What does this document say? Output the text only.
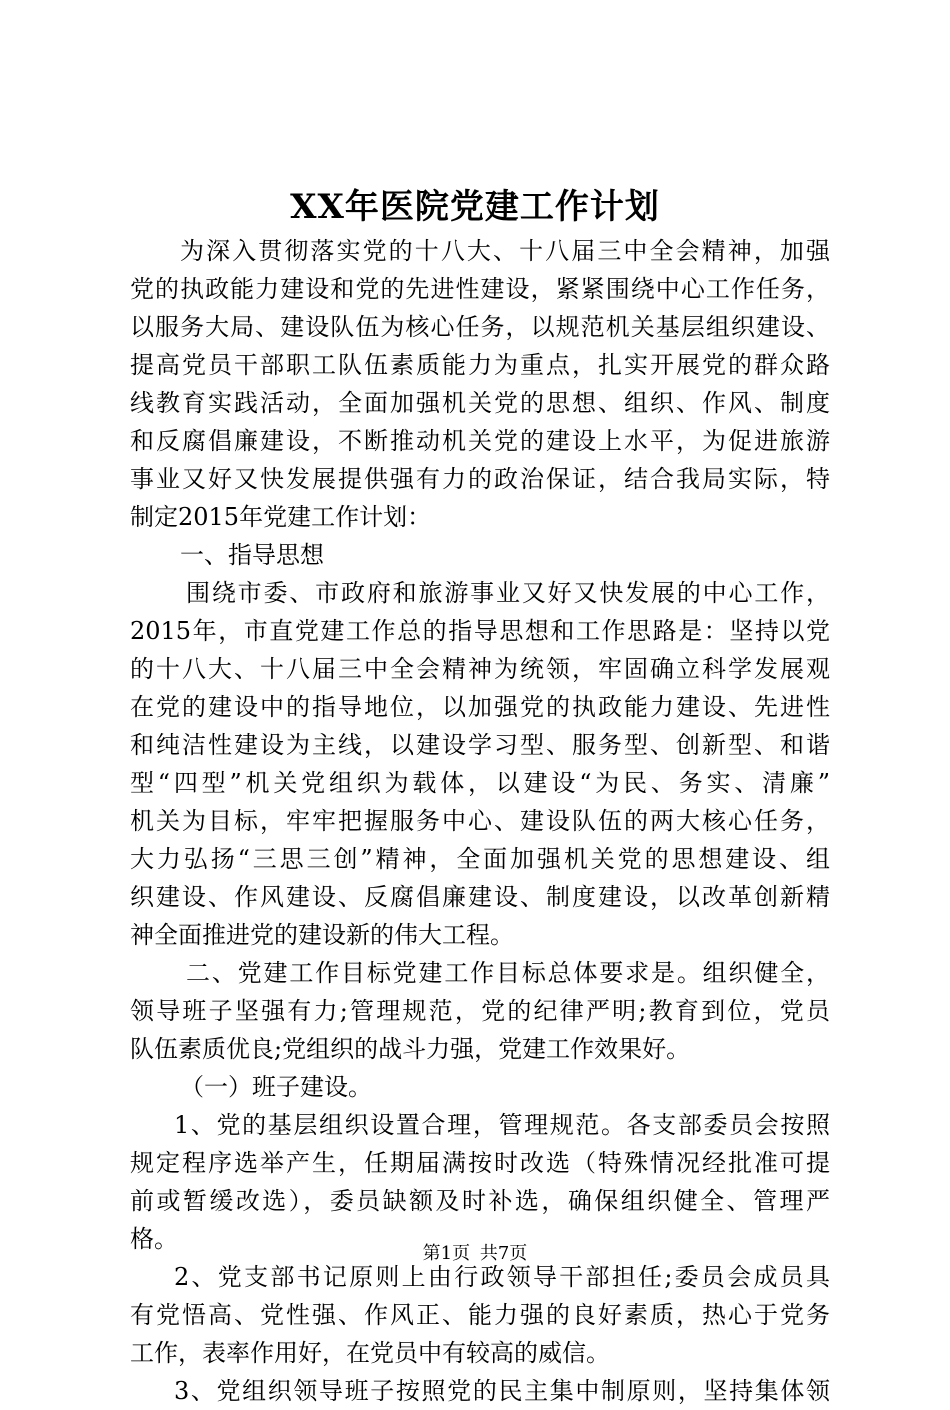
XX年医院党建工作计划
为深入贯彻落实党的十八大、十八届三中全会精神，加强
党的执政能力建设和党的先进性建设，紧紧围绕中心工作任务，
以服务大局、建设队伍为核心任务，以规范机关基层组织建设、
提高党员干部职工队伍素质能力为重点，扎实开展党的群众路
线教育实践活动，全面加强机关党的思想、组织、作风、制度
和反腐倡廉建设，不断推动机关党的建设上水平，为促进旅游
事业又好又快发展提供强有力的政治保证，结合我局实际，特
制定2015年党建工作计划：
一、指导思想
围绕市委、市政府和旅游事业又好又快发展的中心工作，
2015年，市直党建工作总的指导思想和工作思路是：坚持以党
的十八大、十八届三中全会精神为统领，牢固确立科学发展观
在党的建设中的指导地位，以加强党的执政能力建设、先进性
和纯洁性建设为主线，以建设学习型、服务型、创新型、和谐
型“四型”机关党组织为载体，以建设“为民、务实、清廉”
机关为目标，牢牢把握服务中心、建设队伍的两大核心任务，
大力弘扬“三思三创”精神，全面加强机关党的思想建设、组
织建设、作风建设、反腐倡廉建设、制度建设，以改革创新精
神全面推进党的建设新的伟大工程。
二、党建工作目标党建工作目标总体要求是。组织健全，
领导班子坚强有力;管理规范，党的纪律严明;教育到位，党员
队伍素质优良;党组织的战斗力强，党建工作效果好。
（一）班子建设。
1、党的基层组织设置合理，管理规范。各支部委员会按照
规定程序选举产生，任期届满按时改选（特殊情况经批准可提
前或暂缓改选），委员缺额及时补选，确保组织健全、管理严
格。
2、党支部书记原则上由行政领导干部担任;委员会成员具
有党悟高、党性强、作风正、能力强的良好素质，热心于党务
工作，表率作用好，在党员中有较高的威信。
3、党组织领导班子按照党的民主集中制原则，坚持集体领
第1页 共7页
